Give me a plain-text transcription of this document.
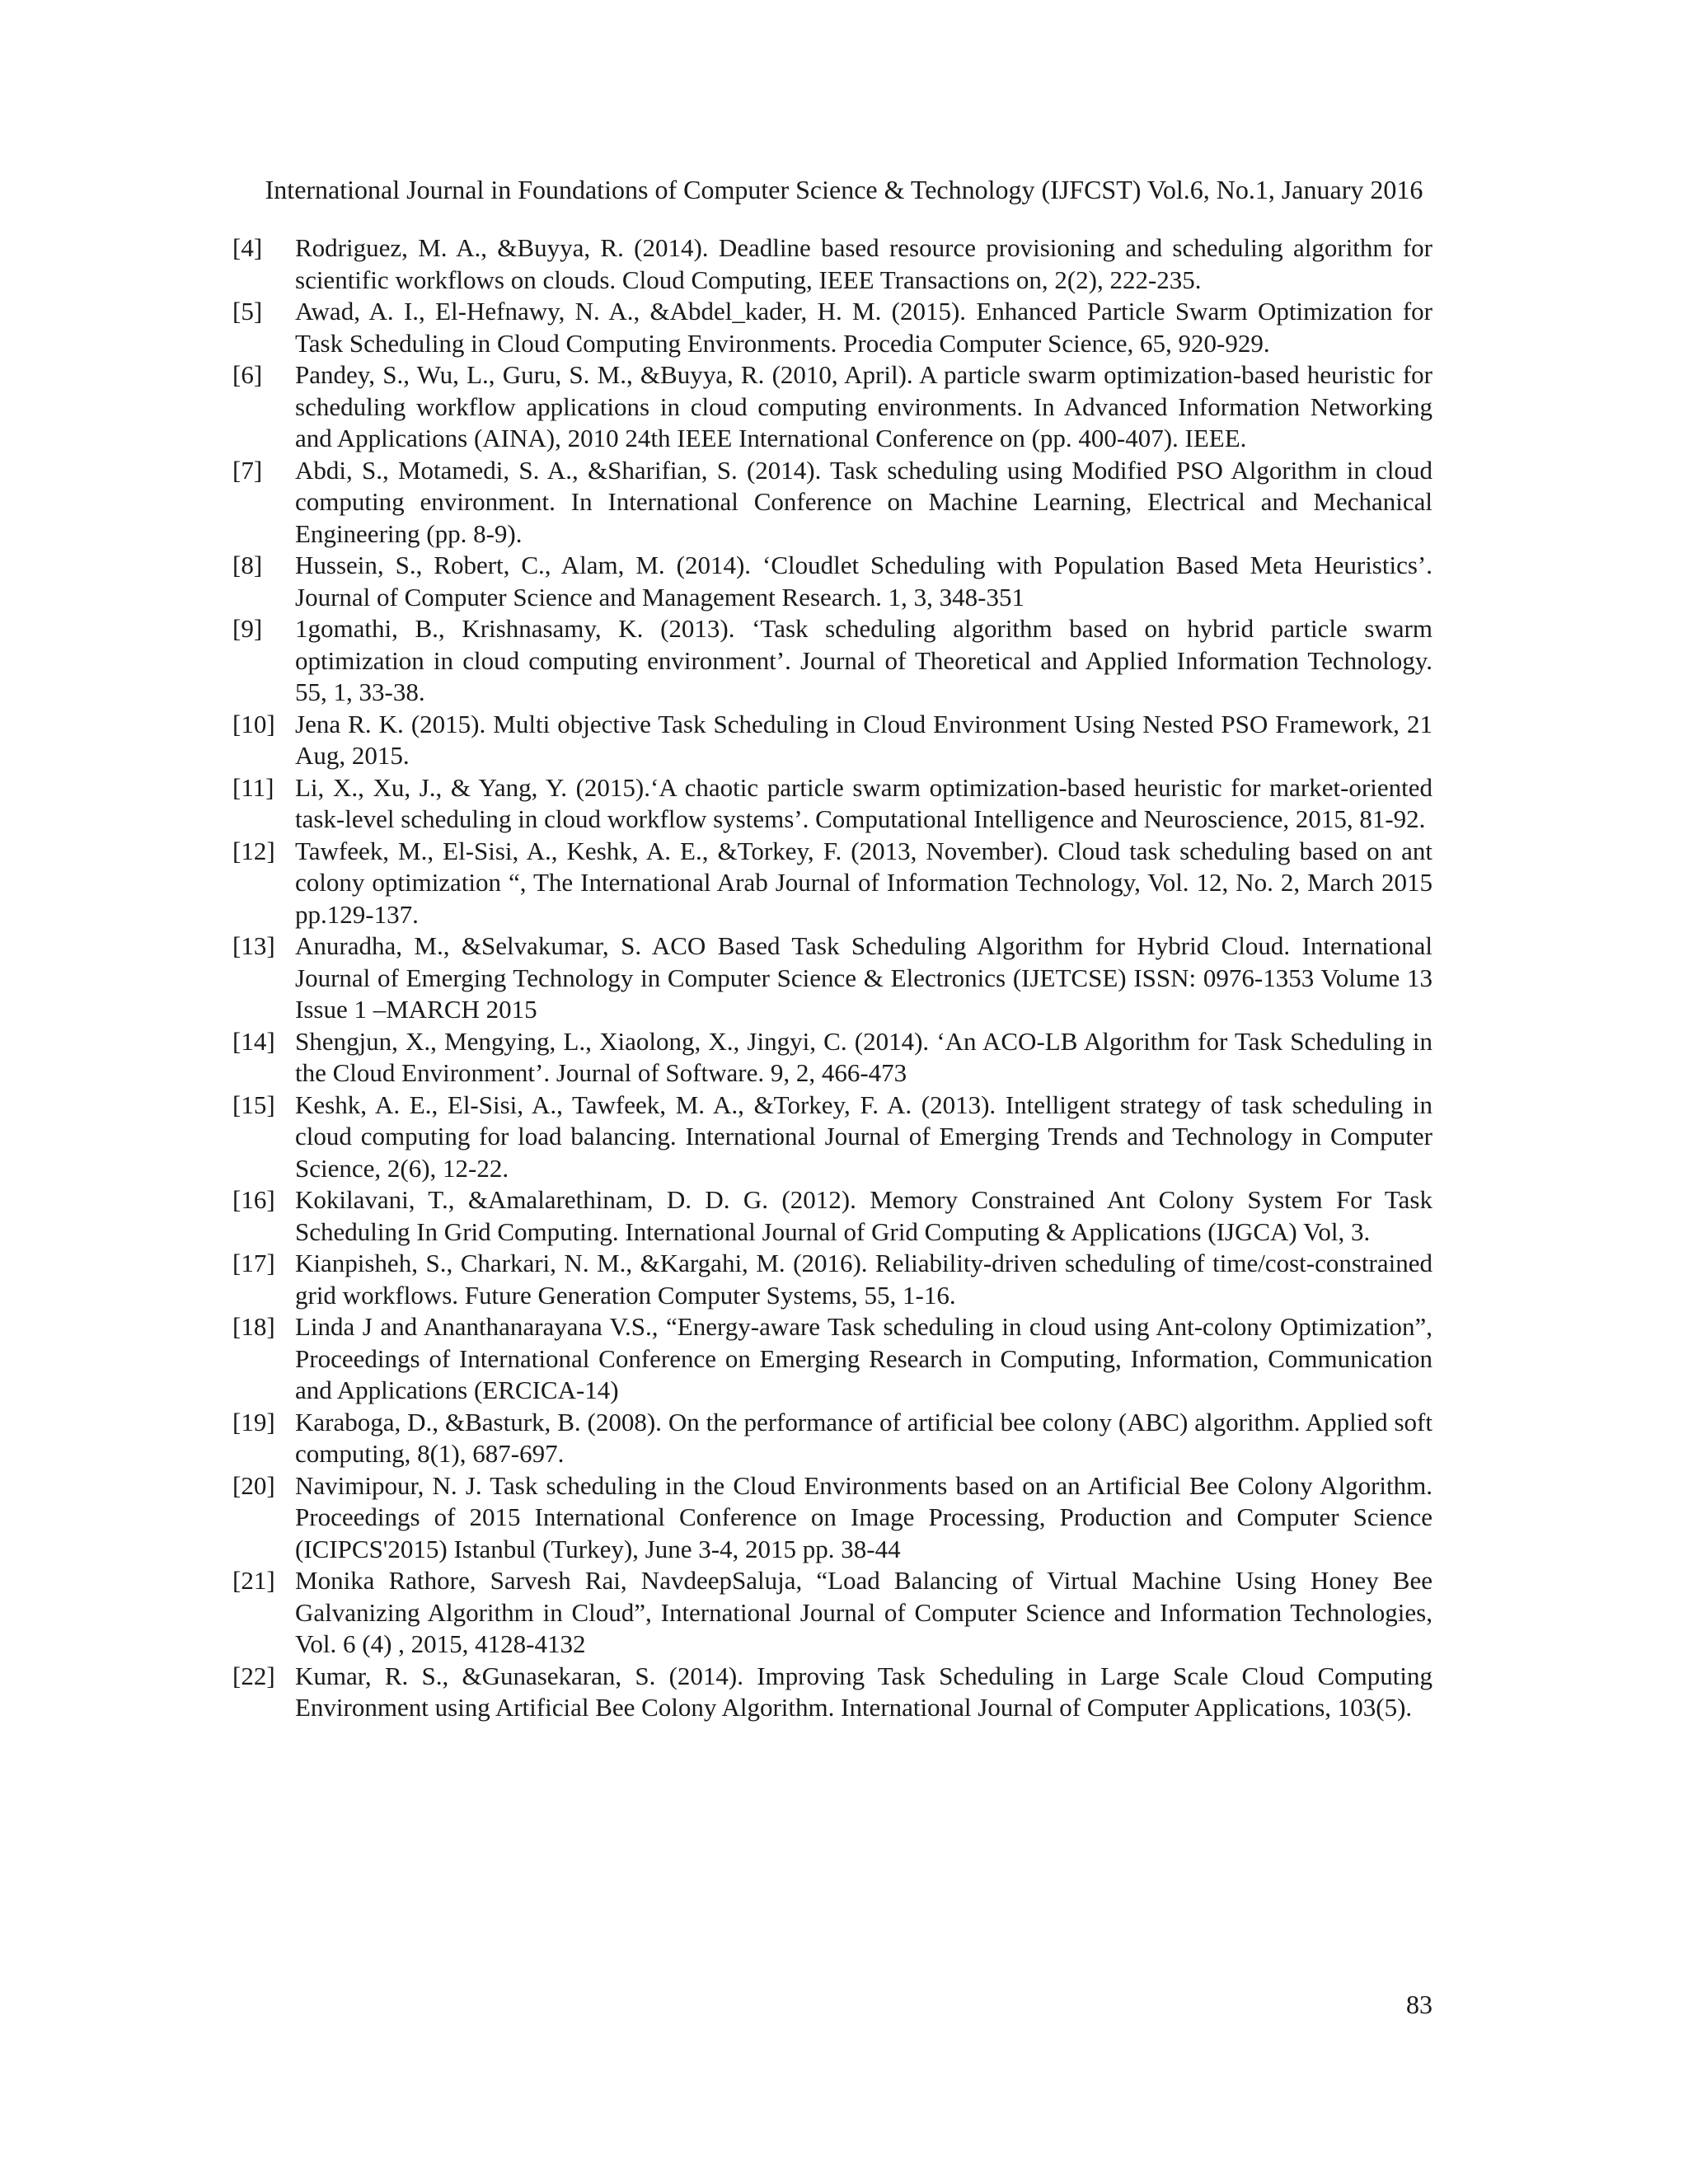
International Journal in Foundations of Computer Science & Technology (IJFCST) Vol.6, No.1, January 2016
[4]	Rodriguez, M. A., &Buyya, R. (2014). Deadline based resource provisioning and scheduling algorithm for scientific workflows on clouds. Cloud Computing, IEEE Transactions on, 2(2), 222-235.
[5]	Awad, A. I., El-Hefnawy, N. A., &Abdel_kader, H. M. (2015). Enhanced Particle Swarm Optimization for Task Scheduling in Cloud Computing Environments. Procedia Computer Science, 65, 920-929.
[6]	Pandey, S., Wu, L., Guru, S. M., &Buyya, R. (2010, April). A particle swarm optimization-based heuristic for scheduling workflow applications in cloud computing environments. In Advanced Information Networking and Applications (AINA), 2010 24th IEEE International Conference on (pp. 400-407). IEEE.
[7]	Abdi, S., Motamedi, S. A., &Sharifian, S. (2014). Task scheduling using Modified PSO Algorithm in cloud computing environment. In International Conference on Machine Learning, Electrical and Mechanical Engineering (pp. 8-9).
[8]	Hussein, S., Robert, C., Alam, M. (2014). ‘Cloudlet Scheduling with Population Based Meta Heuristics’. Journal of Computer Science and Management Research. 1, 3, 348-351
[9]	1gomathi, B., Krishnasamy, K. (2013). ‘Task scheduling algorithm based on hybrid particle swarm optimization in cloud computing environment’. Journal of Theoretical and Applied Information Technology. 55, 1, 33-38.
[10] Jena R. K. (2015). Multi objective Task Scheduling in Cloud Environment Using Nested PSO Framework, 21 Aug, 2015.
[11] Li, X., Xu, J., & Yang, Y. (2015).‘A chaotic particle swarm optimization-based heuristic for market-oriented task-level scheduling in cloud workflow systems’. Computational Intelligence and Neuroscience, 2015, 81-92.
[12] Tawfeek, M., El-Sisi, A., Keshk, A. E., &Torkey, F. (2013, November). Cloud task scheduling based on ant colony optimization “, The International Arab Journal of Information Technology, Vol. 12, No. 2, March 2015 pp.129-137.
[13] Anuradha, M., &Selvakumar, S. ACO Based Task Scheduling Algorithm for Hybrid Cloud. International Journal of Emerging Technology in Computer Science & Electronics (IJETCSE) ISSN: 0976-1353 Volume 13 Issue 1 –MARCH 2015
[14] Shengjun, X., Mengying, L., Xiaolong, X., Jingyi, C. (2014). ‘An ACO-LB Algorithm for Task Scheduling in the Cloud Environment’. Journal of Software. 9, 2, 466-473
[15] Keshk, A. E., El-Sisi, A., Tawfeek, M. A., &Torkey, F. A. (2013). Intelligent strategy of task scheduling in cloud computing for load balancing. International Journal of Emerging Trends and Technology in Computer Science, 2(6), 12-22.
[16] Kokilavani, T., &Amalarethinam, D. D. G. (2012). Memory Constrained Ant Colony System For Task Scheduling In Grid Computing. International Journal of Grid Computing & Applications (IJGCA) Vol, 3.
[17] Kianpisheh, S., Charkari, N. M., &Kargahi, M. (2016). Reliability-driven scheduling of time/cost-constrained grid workflows. Future Generation Computer Systems, 55, 1-16.
[18] Linda J and Ananthanarayana V.S., “Energy-aware Task scheduling in cloud using Ant-colony Optimization”, Proceedings of International Conference on Emerging Research in Computing, Information, Communication and Applications (ERCICA-14)
[19] Karaboga, D., &Basturk, B. (2008). On the performance of artificial bee colony (ABC) algorithm. Applied soft computing, 8(1), 687-697.
[20] Navimipour, N. J. Task scheduling in the Cloud Environments based on an Artificial Bee Colony Algorithm. Proceedings of 2015 International Conference on Image Processing, Production and Computer Science (ICIPCS'2015) Istanbul (Turkey), June 3-4, 2015 pp. 38-44
[21] Monika Rathore, Sarvesh Rai, NavdeepSaluja, “Load Balancing of Virtual Machine Using Honey Bee Galvanizing Algorithm in Cloud”, International Journal of Computer Science and Information Technologies, Vol. 6 (4) , 2015, 4128-4132
[22] Kumar, R. S., &Gunasekaran, S. (2014). Improving Task Scheduling in Large Scale Cloud Computing Environment using Artificial Bee Colony Algorithm. International Journal of Computer Applications, 103(5).
83
